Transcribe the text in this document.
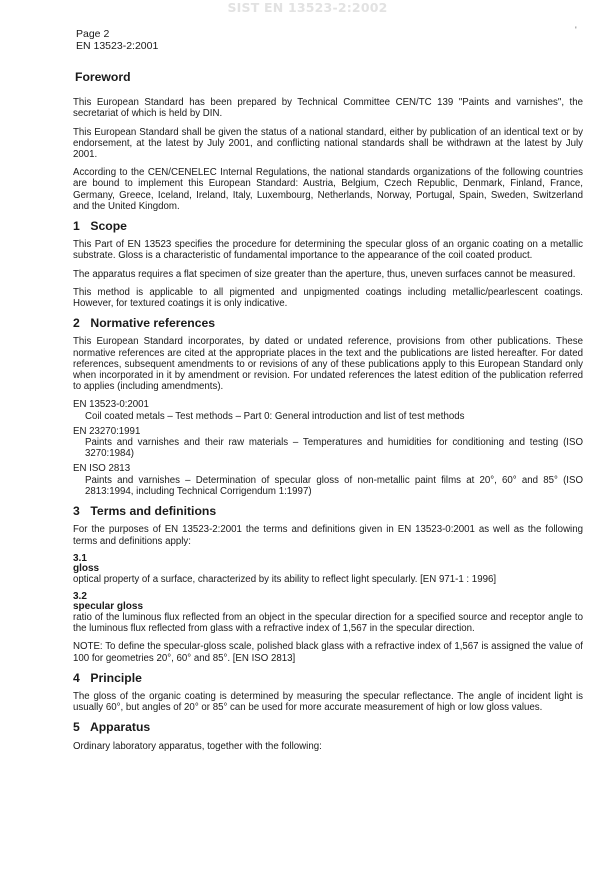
SIST EN 13523-2:2002
Page 2
EN 13523-2:2001
'
Foreword

This European Standard has been prepared by Technical Committee CEN/TC 139 "Paints and varnishes", the secretariat of which is held by DIN.

This European Standard shall be given the status of a national standard, either by publication of an identical text or by endorsement, at the latest by July 2001, and conflicting national standards shall be withdrawn at the latest by July 2001.

According to the CEN/CENELEC Internal Regulations, the national standards organizations of the following countries are bound to implement this European Standard: Austria, Belgium, Czech Republic, Denmark, Finland, France, Germany, Greece, Iceland, Ireland, Italy, Luxembourg, Netherlands, Norway, Portugal, Spain, Sweden, Switzerland and the United Kingdom.

1 Scope

This Part of EN 13523 specifies the procedure for determining the specular gloss of an organic coating on a metallic substrate. Gloss is a characteristic of fundamental importance to the appearance of the coil coated product.

The apparatus requires a flat specimen of size greater than the aperture, thus, uneven surfaces cannot be measured.

This method is applicable to all pigmented and unpigmented coatings including metallic/pearlescent coatings. However, for textured coatings it is only indicative.

2 Normative references

This European Standard incorporates, by dated or undated reference, provisions from other publications. These normative references are cited at the appropriate places in the text and the publications are listed hereafter. For dated references, subsequent amendments to or revisions of any of these publications apply to this European Standard only when incorporated in it by amendment or revision. For undated references the latest edition of the publication referred to applies (including amendments).

EN 13523-0:2001
Coil coated metals – Test methods – Part 0: General introduction and list of test methods
EN 23270:1991
Paints and varnishes and their raw materials – Temperatures and humidities for conditioning and testing (ISO 3270:1984)
EN ISO 2813
Paints and varnishes – Determination of specular gloss of non-metallic paint films at 20°, 60° and 85° (ISO 2813:1994, including Technical Corrigendum 1:1997)
3 Terms and definitions

For the purposes of EN 13523-2:2001 the terms and definitions given in EN 13523-0:2001 as well as the following terms and definitions apply:

3.1
gloss

optical property of a surface, characterized by its ability to reflect light specularly. [EN 971-1 : 1996]

3.2
specular gloss

ratio of the luminous flux reflected from an object in the specular direction for a specified source and receptor angle to the luminous flux reflected from glass with a refractive index of 1,567 in the specular direction.

NOTE: To define the specular-gloss scale, polished black glass with a refractive index of 1,567 is assigned the value of 100 for geometries 20°, 60° and 85°. [EN ISO 2813]

4 Principle

The gloss of the organic coating is determined by measuring the specular reflectance. The angle of incident light is usually 60°, but angles of 20° or 85° can be used for more accurate measurement of high or low gloss values.

5 Apparatus

Ordinary laboratory apparatus, together with the following:
